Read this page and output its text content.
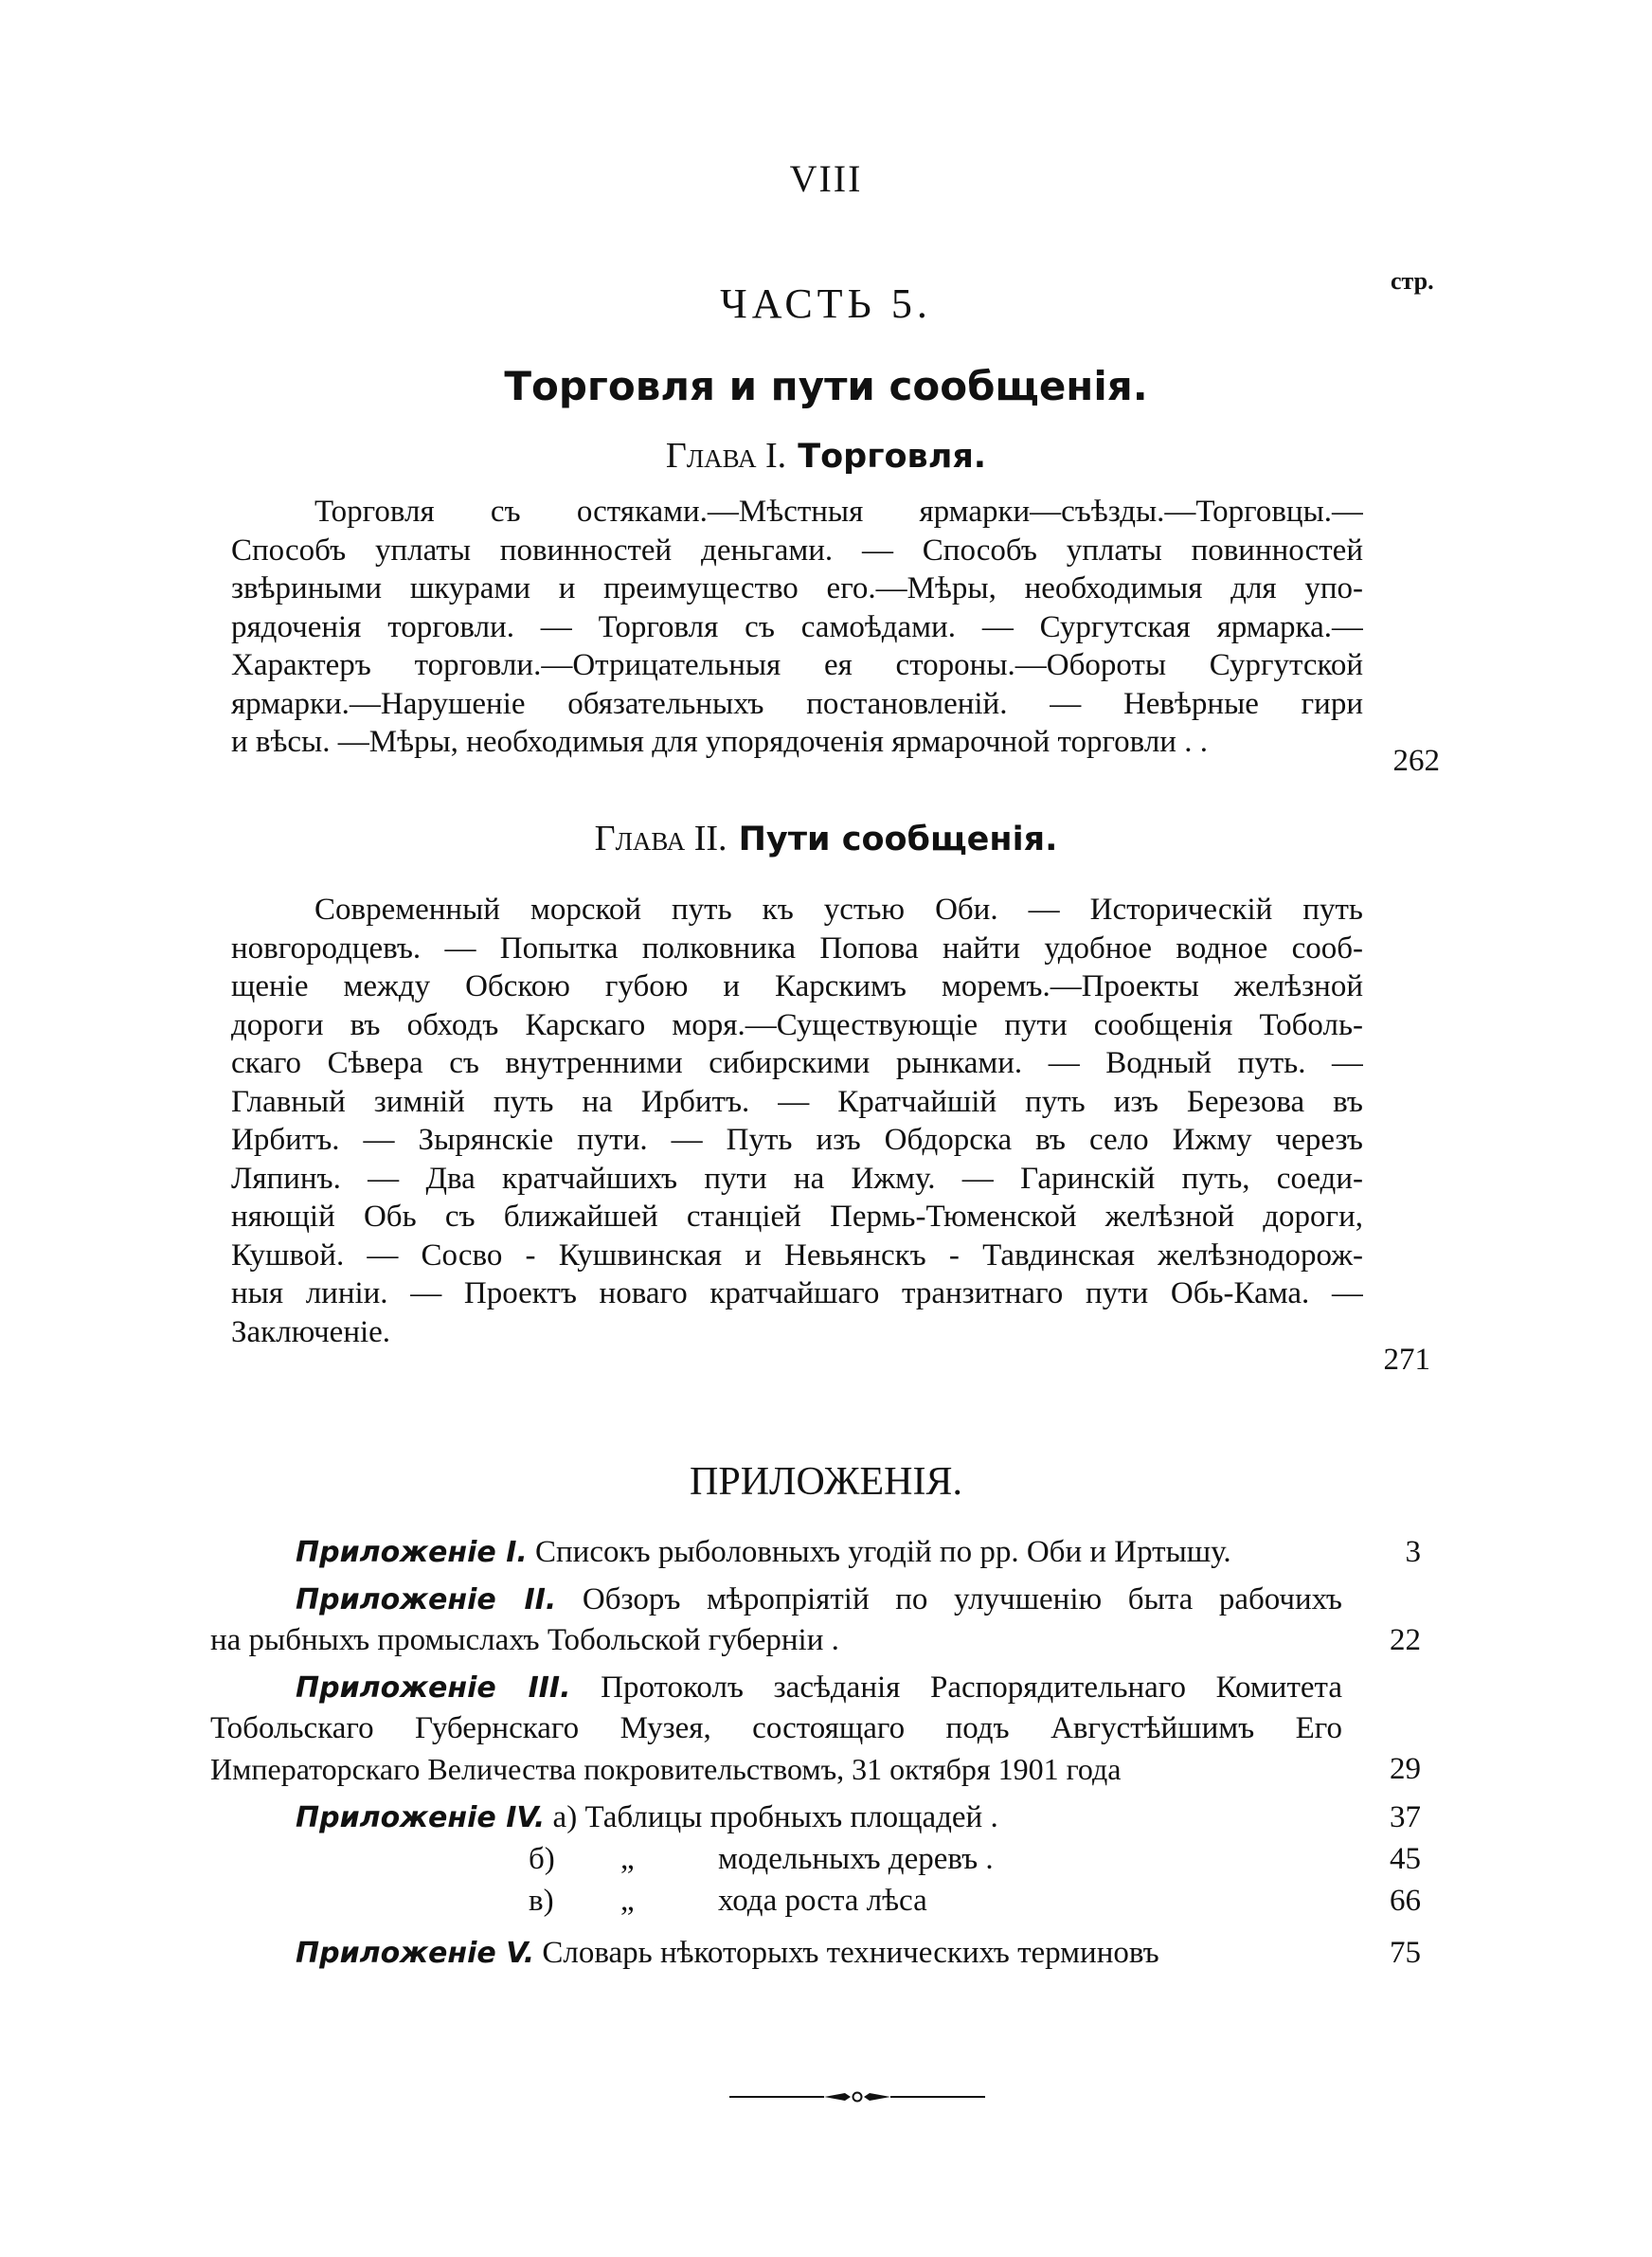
VIII
стр.
ЧАСТЬ 5.
Торговля и пути сообщенія.
Глава I. Торговля.
Торговля съ остяками.—Мѣстныя ярмарки—съѣзды.—Торговцы.—
Способъ уплаты повинностей деньгами. — Способъ уплаты повинностей
звѣриными шкурами и преимущество его.—Мѣры, необходимыя для упо-
рядоченія торговли. — Торговля съ самоѣдами. — Сургутская ярмарка.—
Характеръ торговли.—Отрицательныя ея стороны.—Обороты Сургутской
ярмарки.—Нарушеніе обязательныхъ постановленій. — Невѣрные гири
и вѣсы. —Мѣры, необходимыя для упорядоченія ярмарочной торговли . .
262
Глава II. Пути сообщенія.
Современный морской путь къ устью Оби. — Историческій путь
новгородцевъ. — Попытка полковника Попова найти удобное водное сооб-
щеніе между Обскою губою и Карскимъ моремъ.—Проекты желѣзной
дороги въ обходъ Карскаго моря.—Существующіе пути сообщенія Тоболь-
скаго Сѣвера съ внутренними сибирскими рынками. — Водный путь. —
Главный зимній путь на Ирбитъ. — Кратчайшій путь изъ Березова въ
Ирбитъ. — Зырянскіе пути. — Путь изъ Обдорска въ село Ижму черезъ
Ляпинъ. — Два кратчайшихъ пути на Ижму. — Гаринскій путь, соеди-
няющій Обь съ ближайшей станціей Пермь-Тюменской желѣзной дороги,
Кушвой. — Сосво - Кушвинская и Невьянскъ - Тавдинская желѣзнодорож-
ныя линіи. — Проектъ новаго кратчайшаго транзитнаго пути Обь-Кама. —
Заключеніе.
271
ПРИЛОЖЕНІЯ.
Приложеніе I. Списокъ рыболовныхъ угодій по рр. Оби и Иртышу.	3
Приложеніе II. Обзоръ мѣропріятій по улучшенію быта рабочихъ
на рыбныхъ промыслахъ Тобольской губерніи .	22
Приложеніе III. Протоколъ засѣданія Распорядительнаго Комитета
Тобольскаго Губернскаго Музея, состоящаго подъ Августѣйшимъ Его
Императорскаго Величества покровительствомъ, 31 октября 1901 года	29
Приложеніе IV. а) Таблицы пробныхъ площадей .	37
б)	„	модельныхъ деревъ .	45
в)	„	хода роста лѣса	66
Приложеніе V. Словарь нѣкоторыхъ техническихъ терминовъ	75
